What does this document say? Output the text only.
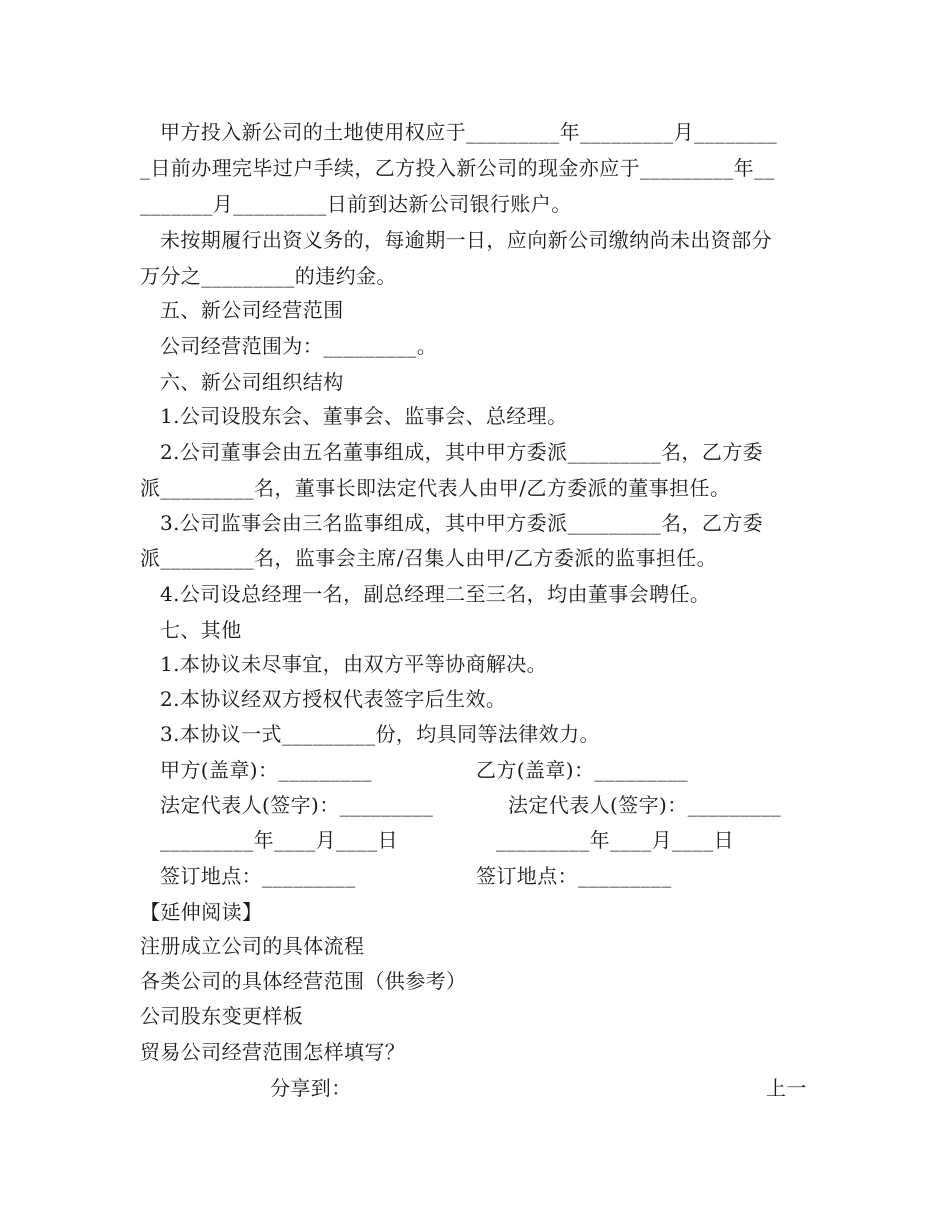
甲方投入新公司的土地使用权应于_________年_________月________
_日前办理完毕过户手续，乙方投入新公司的现金亦应于_________年__
_______月_________日前到达新公司银行账户。
未按期履行出资义务的，每逾期一日，应向新公司缴纳尚未出资部分
万分之_________的违约金。
五、新公司经营范围
公司经营范围为：_________。
六、新公司组织结构
1.公司设股东会、董事会、监事会、总经理。
2.公司董事会由五名董事组成，其中甲方委派_________名，乙方委
派_________名，董事长即法定代表人由甲/乙方委派的董事担任。
3.公司监事会由三名监事组成，其中甲方委派_________名，乙方委
派_________名，监事会主席/召集人由甲/乙方委派的监事担任。
4.公司设总经理一名，副总经理二至三名，均由董事会聘任。
七、其他
1.本协议未尽事宜，由双方平等协商解决。
2.本协议经双方授权代表签字后生效。
3.本协议一式_________份，均具同等法律效力。
甲方(盖章)：_________	乙方(盖章)：_________
法定代表人(签字)：_________	法定代表人(签字)：_________
_________年____月____日	_________年____月____日
签订地点：_________	签订地点：_________
【延伸阅读】
注册成立公司的具体流程
各类公司的具体经营范围（供参考）
公司股东变更样板
贸易公司经营范围怎样填写？
分享到：	上一
